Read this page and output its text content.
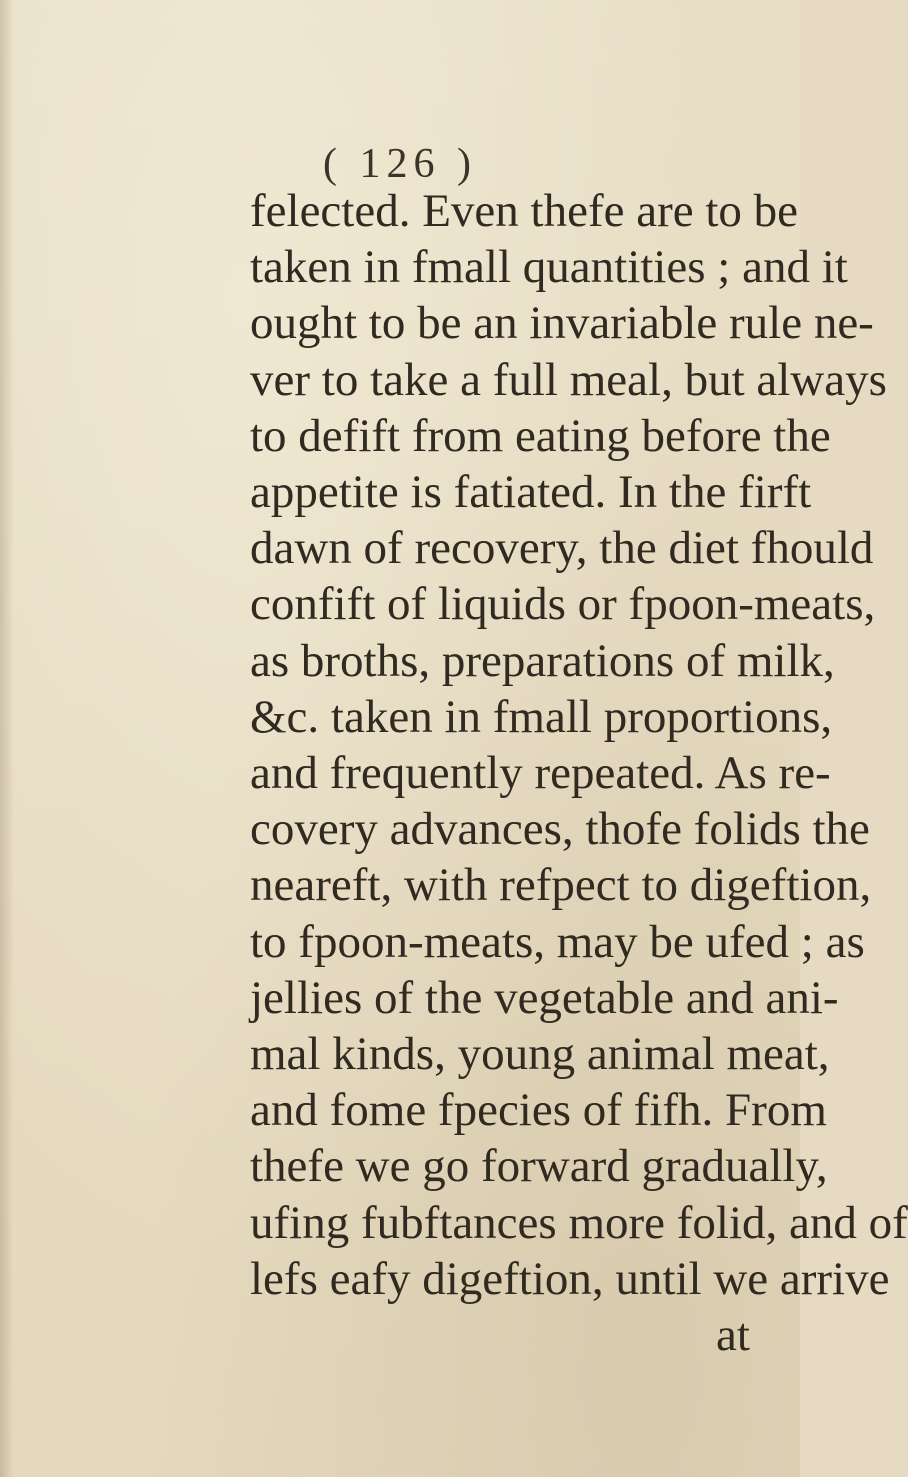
( 126 )
felected. Even thefe are to be
taken in fmall quantities ; and it
ought to be an invariable rule ne-
ver to take a full meal, but always
to defift from eating before the
appetite is fatiated. In the firft
dawn of recovery, the diet fhould
confift of liquids or fpoon-meats,
as broths, preparations of milk,
&c. taken in fmall proportions,
and frequently repeated. As re-
covery advances, thofe folids the
neareft, with refpect to digeftion,
to fpoon-meats, may be ufed ; as
jellies of the vegetable and ani-
mal kinds, young animal meat,
and fome fpecies of fifh. From
thefe we go forward gradually,
ufing fubftances more folid, and of
lefs eafy digeftion, until we arrive
at
